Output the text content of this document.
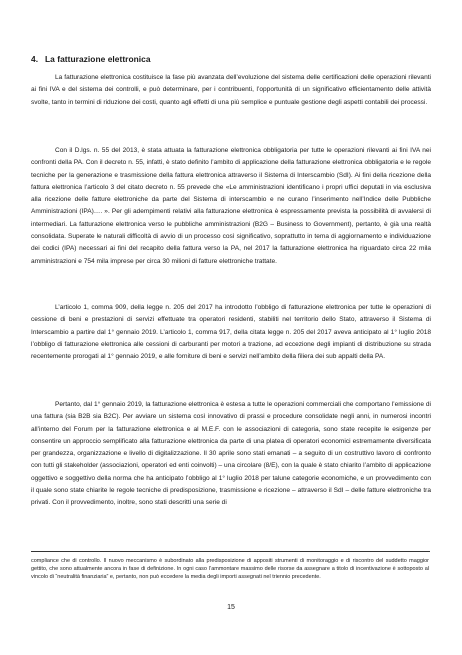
4. La fatturazione elettronica

La fatturazione elettronica costituisce la fase più avanzata dell’evoluzione del sistema delle certificazioni delle operazioni rilevanti ai fini IVA e del sistema dei controlli, e può determinare, per i contribuenti, l’opportunità di un significativo efficientamento delle attività svolte, tanto in termini di riduzione dei costi, quanto agli effetti di una più semplice e puntuale gestione degli aspetti contabili dei processi.

Con il D.lgs. n. 55 del 2013, è stata attuata la fatturazione elettronica obbligatoria per tutte le operazioni rilevanti ai fini IVA nei confronti della PA. Con il decreto n. 55, infatti, è stato definito l’ambito di applicazione della fatturazione elettronica obbligatoria e le regole tecniche per la generazione e trasmissione della fattura elettronica attraverso il Sistema di Interscambio (SdI). Ai fini della ricezione della fattura elettronica l’articolo 3 del citato decreto n. 55 prevede che «Le amministrazioni identificano i propri uffici deputati in via esclusiva alla ricezione delle fatture elettroniche da parte del Sistema di interscambio e ne curano l’inserimento nell’Indice delle Pubbliche Amministrazioni (IPA)…. ». Per gli adempimenti relativi alla fatturazione elettronica è espressamente prevista la possibilità di avvalersi di intermediari. La fatturazione elettronica verso le pubbliche amministrazioni (B2G – Business to Government), pertanto, è già una realtà consolidata. Superate le naturali difficoltà di avvio di un processo così significativo, soprattutto in tema di aggiornamento e individuazione dei codici (IPA) necessari ai fini del recapito della fattura verso la PA, nel 2017 la fatturazione elettronica ha riguardato circa 22 mila amministrazioni e 754 mila imprese per circa 30 milioni di fatture elettroniche trattate.

L’articolo 1, comma 909, della legge n. 205 del 2017 ha introdotto l’obbligo di fatturazione elettronica per tutte le operazioni di cessione di beni e prestazioni di servizi effettuate tra operatori residenti, stabiliti nel territorio dello Stato, attraverso il Sistema di Interscambio a partire dal 1° gennaio 2019. L’articolo 1, comma 917, della citata legge n. 205 del 2017 aveva anticipato al 1° luglio 2018 l’obbligo di fatturazione elettronica alle cessioni di carburanti per motori a trazione, ad eccezione degli impianti di distribuzione su strada recentemente prorogati al 1° gennaio 2019, e alle forniture di beni e servizi nell’ambito della filiera dei sub appalti della PA.

Pertanto, dal 1° gennaio 2019, la fatturazione elettronica è estesa a tutte le operazioni commerciali che comportano l’emissione di una fattura (sia B2B sia B2C). Per avviare un sistema così innovativo di prassi e procedure consolidate negli anni, in numerosi incontri all’interno del Forum per la fatturazione elettronica e al M.E.F. con le associazioni di categoria, sono state recepite le esigenze per consentire un approccio semplificato alla fatturazione elettronica da parte di una platea di operatori economici estremamente diversificata per grandezza, organizzazione e livello di digitalizzazione. Il 30 aprile sono stati emanati – a seguito di un costruttivo lavoro di confronto con tutti gli stakeholder (associazioni, operatori ed enti coinvolti) – una circolare (8/E), con la quale è stato chiarito l’ambito di applicazione oggettivo e soggettivo della norma che ha anticipato l’obbligo al 1° luglio 2018 per talune categorie economiche, e un provvedimento con il quale sono state chiarite le regole tecniche di predisposizione, trasmissione e ricezione – attraverso il SdI – delle fatture elettroniche tra privati. Con il provvedimento, inoltre, sono stati descritti una serie di

compliance che di controllo. Il nuovo meccanismo è subordinato alla predisposizione di appositi strumenti di monitoraggio e di riscontro del suddetto maggior gettito, che sono attualmente ancora in fase di definizione. In ogni caso l’ammontare massimo delle risorse da assegnare a titolo di incentivazione è sottoposto al vincolo di “neutralità finanziaria” e, pertanto, non può eccedere la media degli importi assegnati nel triennio precedente.

15
